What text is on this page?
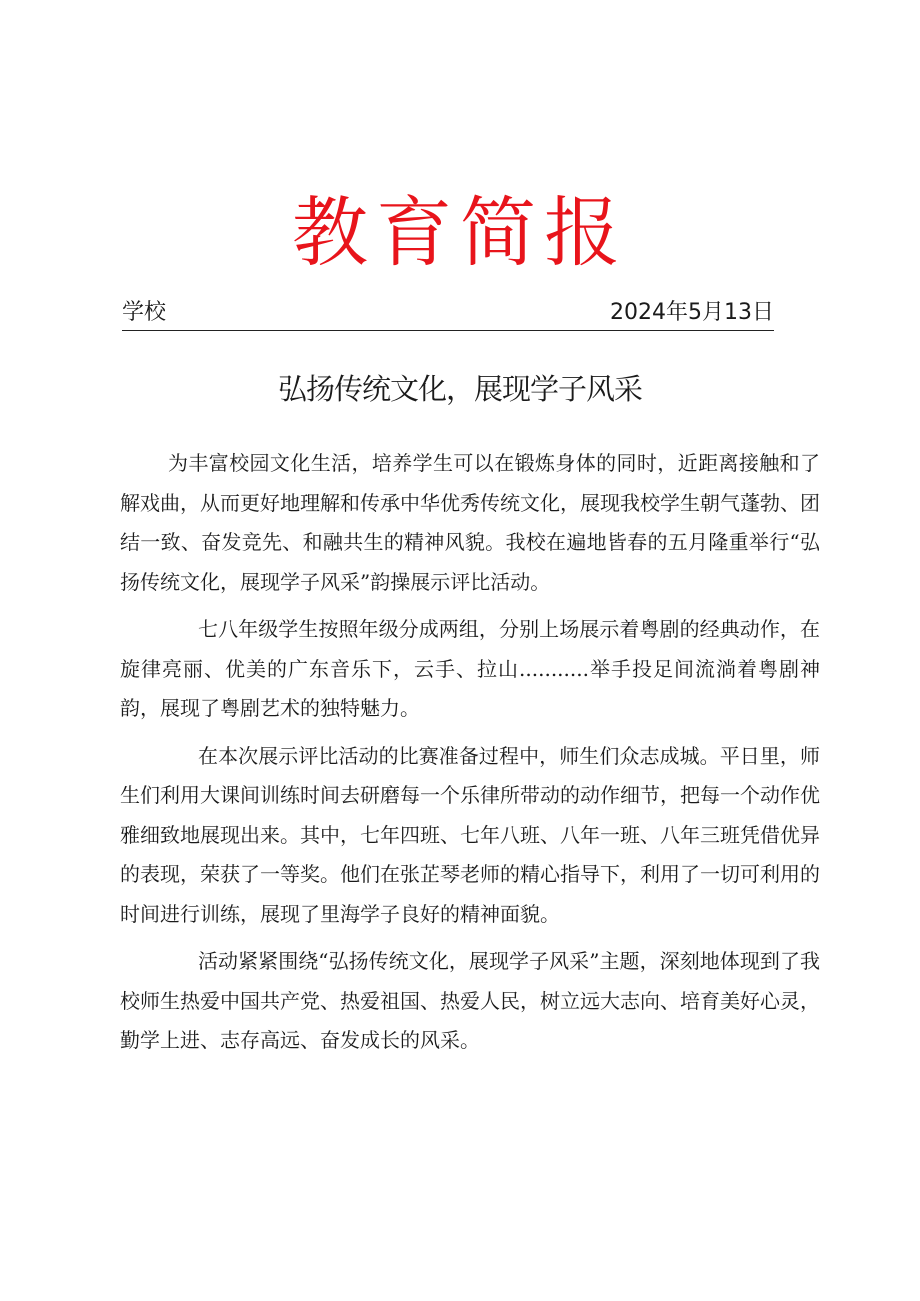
教育简报
学校	2024年5月13日
弘扬传统文化，展现学子风采

为丰富校园文化生活，培养学生可以在锻炼身体的同时，近距离接触和了解戏曲，从而更好地理解和传承中华优秀传统文化，展现我校学生朝气蓬勃、团结一致、奋发竞先、和融共生的精神风貌。我校在遍地皆春的五月隆重举行“弘扬传统文化，展现学子风采”韵操展示评比活动。

七八年级学生按照年级分成两组，分别上场展示着粤剧的经典动作，在旋律亮丽、优美的广东音乐下，云手、拉山...........举手投足间流淌着粤剧神韵，展现了粤剧艺术的独特魅力。

在本次展示评比活动的比赛准备过程中，师生们众志成城。平日里，师生们利用大课间训练时间去研磨每一个乐律所带动的动作细节，把每一个动作优雅细致地展现出来。其中，七年四班、七年八班、八年一班、八年三班凭借优异的表现，荣获了一等奖。他们在张芷琴老师的精心指导下，利用了一切可利用的时间进行训练，展现了里海学子良好的精神面貌。

活动紧紧围绕“弘扬传统文化，展现学子风采”主题，深刻地体现到了我校师生热爱中国共产党、热爱祖国、热爱人民，树立远大志向、培育美好心灵，勤学上进、志存高远、奋发成长的风采。
